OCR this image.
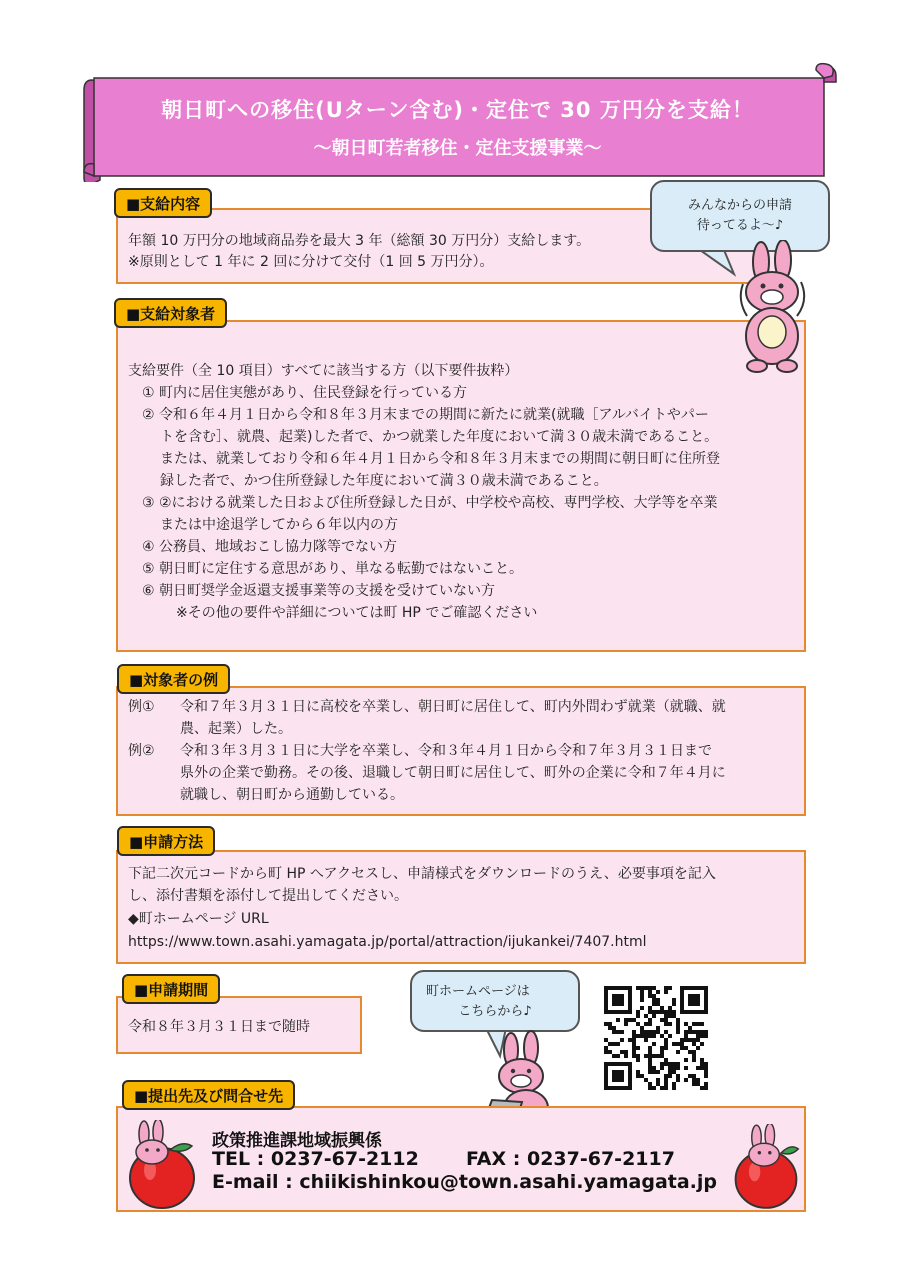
朝日町への移住(Uターン含む)・定住で 30 万円分を支給！
～朝日町若者移住・定住支援事業～
■支給内容
年額 10 万円分の地域商品券を最大 3 年（総額 30 万円分）支給します。
※原則として 1 年に 2 回に分けて交付（1 回 5 万円分）。
みんなからの申請
待ってるよ～♪
■支給対象者
支給要件（全 10 項目）すべてに該当する方（以下要件抜粋）
① 町内に居住実態があり、住民登録を行っている方
② 令和６年４月１日から令和８年３月末までの期間に新たに就業(就職［アルバイトやパー
トを含む］、就農、起業)した者で、かつ就業した年度において満３０歳未満であること。
または、就業しており令和６年４月１日から令和８年３月末までの期間に朝日町に住所登
録した者で、かつ住所登録した年度において満３０歳未満であること。
③ ②における就業した日および住所登録した日が、中学校や高校、専門学校、大学等を卒業
または中途退学してから６年以内の方
④ 公務員、地域おこし協力隊等でない方
⑤ 朝日町に定住する意思があり、単なる転勤ではないこと。
⑥ 朝日町奨学金返還支援事業等の支援を受けていない方
※その他の要件や詳細については町 HP でご確認ください
■対象者の例
例① 令和７年３月３１日に高校を卒業し、朝日町に居住して、町内外問わず就業（就職、就
農、起業）した。
例② 令和３年３月３１日に大学を卒業し、令和３年４月１日から令和７年３月３１日まで
県外の企業で勤務。その後、退職して朝日町に居住して、町外の企業に令和７年４月に
就職し、朝日町から通勤している。
■申請方法
下記二次元コードから町 HP へアクセスし、申請様式をダウンロードのうえ、必要事項を記入
し、添付書類を添付して提出してください。
◆町ホームページ URL
https://www.town.asahi.yamagata.jp/portal/attraction/ijukankei/7407.html
■申請期間
令和８年３月３１日まで随時
町ホームページは
こちらから♪
■提出先及び問合せ先
政策推進課地域振興係
TEL : 0237-67-2112 FAX : 0237-67-2117
E-mail : chiikishinkou@town.asahi.yamagata.jp
